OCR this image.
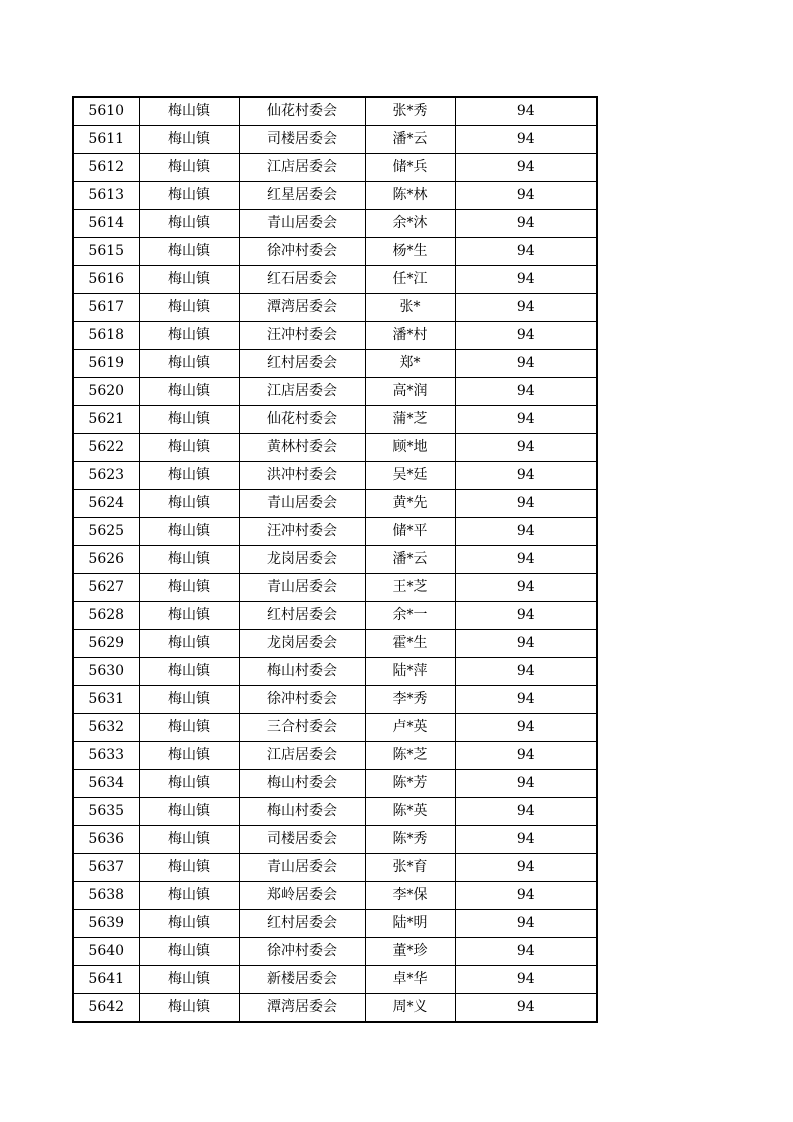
5610	梅山镇	仙花村委会	张*秀	94
5611	梅山镇	司楼居委会	潘*云	94
5612	梅山镇	江店居委会	储*兵	94
5613	梅山镇	红星居委会	陈*林	94
5614	梅山镇	青山居委会	余*沐	94
5615	梅山镇	徐冲村委会	杨*生	94
5616	梅山镇	红石居委会	任*江	94
5617	梅山镇	潭湾居委会	张*	94
5618	梅山镇	汪冲村委会	潘*村	94
5619	梅山镇	红村居委会	郑*	94
5620	梅山镇	江店居委会	高*润	94
5621	梅山镇	仙花村委会	蒲*芝	94
5622	梅山镇	黄林村委会	顾*地	94
5623	梅山镇	洪冲村委会	吴*廷	94
5624	梅山镇	青山居委会	黄*先	94
5625	梅山镇	汪冲村委会	储*平	94
5626	梅山镇	龙岗居委会	潘*云	94
5627	梅山镇	青山居委会	王*芝	94
5628	梅山镇	红村居委会	余*一	94
5629	梅山镇	龙岗居委会	霍*生	94
5630	梅山镇	梅山村委会	陆*萍	94
5631	梅山镇	徐冲村委会	李*秀	94
5632	梅山镇	三合村委会	卢*英	94
5633	梅山镇	江店居委会	陈*芝	94
5634	梅山镇	梅山村委会	陈*芳	94
5635	梅山镇	梅山村委会	陈*英	94
5636	梅山镇	司楼居委会	陈*秀	94
5637	梅山镇	青山居委会	张*育	94
5638	梅山镇	郑岭居委会	李*保	94
5639	梅山镇	红村居委会	陆*明	94
5640	梅山镇	徐冲村委会	董*珍	94
5641	梅山镇	新楼居委会	卓*华	94
5642	梅山镇	潭湾居委会	周*义	94
